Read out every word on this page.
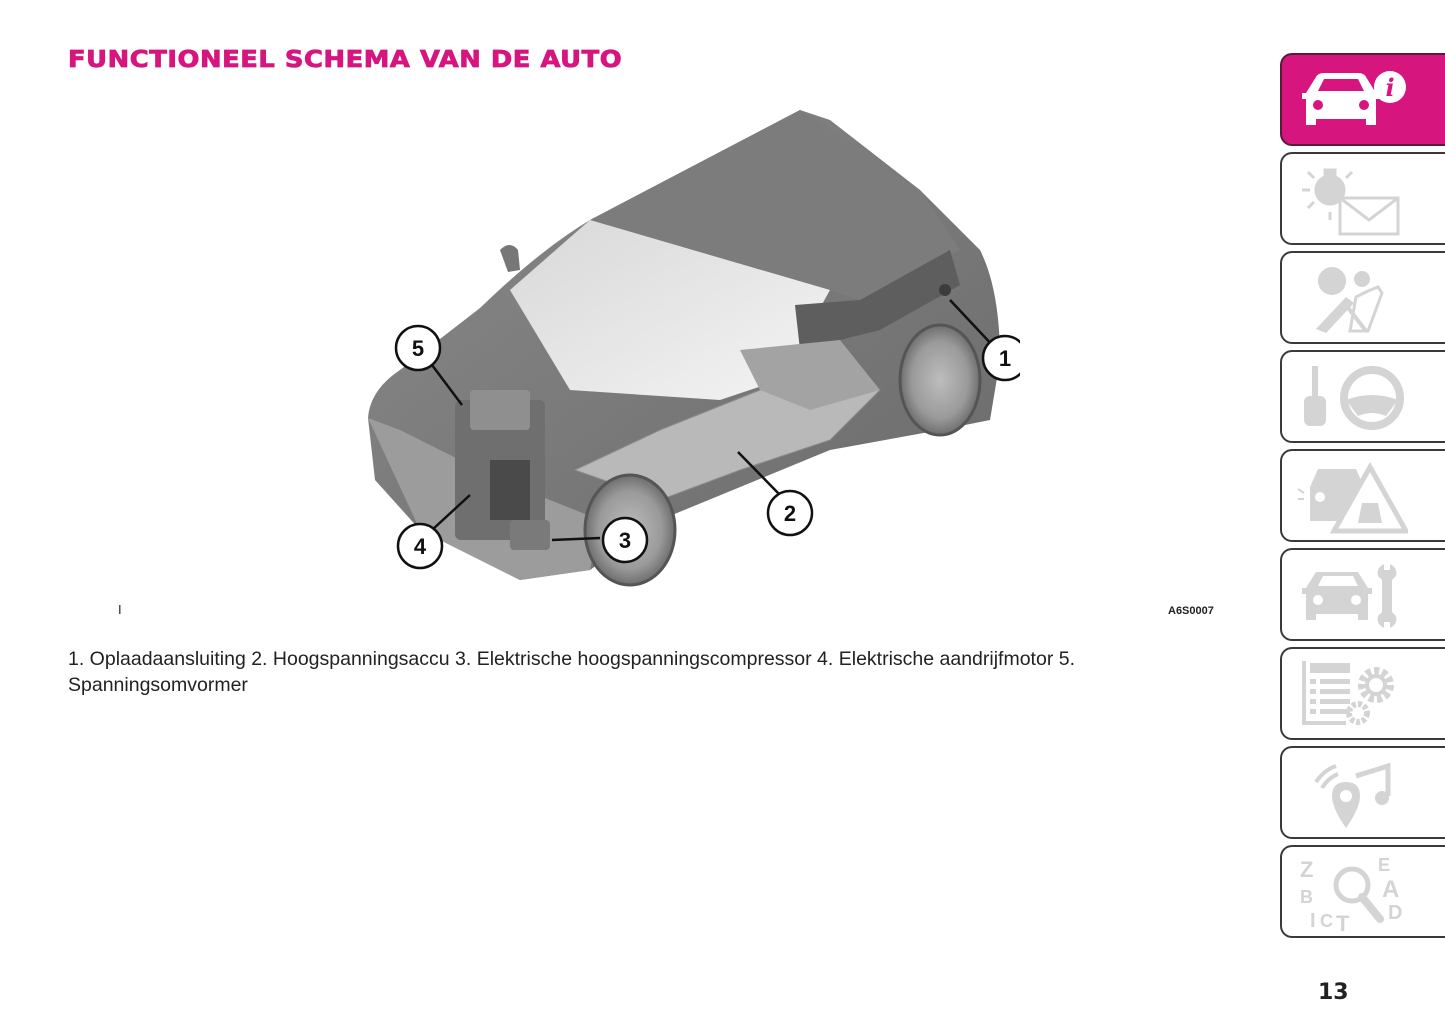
FUNCTIONEEL SCHEMA VAN DE AUTO
1
2
3
4
5
I	A6S0007
1. Oplaadaansluiting 2. Hoogspanningsaccu 3. Elektrische hoogspanningscompressor 4. Elektrische aandrijfmotor 5. Spanningsomvormer
i
Z
B
I C T
E
A
D
13
